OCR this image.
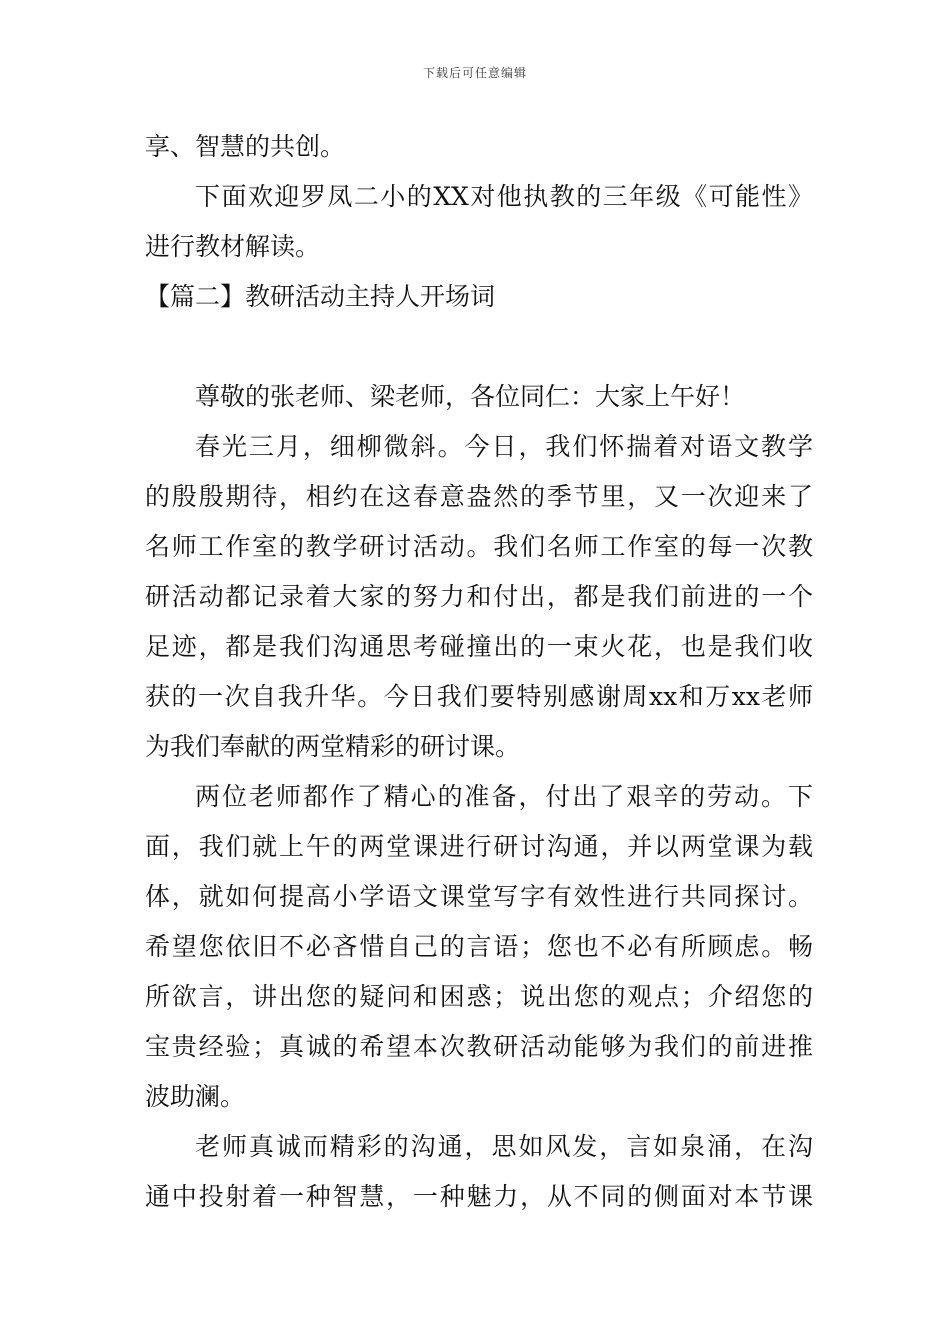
下载后可任意编辑
享、智慧的共创。
下面欢迎罗凤二小的XX对他执教的三年级《可能性》
进行教材解读。
【篇二】教研活动主持人开场词
尊敬的张老师、梁老师，各位同仁：大家上午好！
春光三月，细柳微斜。今日，我们怀揣着对语文教学
的殷殷期待，相约在这春意盎然的季节里，又一次迎来了
名师工作室的教学研讨活动。我们名师工作室的每一次教
研活动都记录着大家的努力和付出，都是我们前进的一个
足迹，都是我们沟通思考碰撞出的一束火花，也是我们收
获的一次自我升华。今日我们要特别感谢周xx和万xx老师
为我们奉献的两堂精彩的研讨课。
两位老师都作了精心的准备，付出了艰辛的劳动。下
面，我们就上午的两堂课进行研讨沟通，并以两堂课为载
体，就如何提高小学语文课堂写字有效性进行共同探讨。
希望您依旧不必吝惜自己的言语；您也不必有所顾虑。畅
所欲言，讲出您的疑问和困惑；说出您的观点；介绍您的
宝贵经验；真诚的希望本次教研活动能够为我们的前进推
波助澜。
老师真诚而精彩的沟通，思如风发，言如泉涌，在沟
通中投射着一种智慧，一种魅力，从不同的侧面对本节课
